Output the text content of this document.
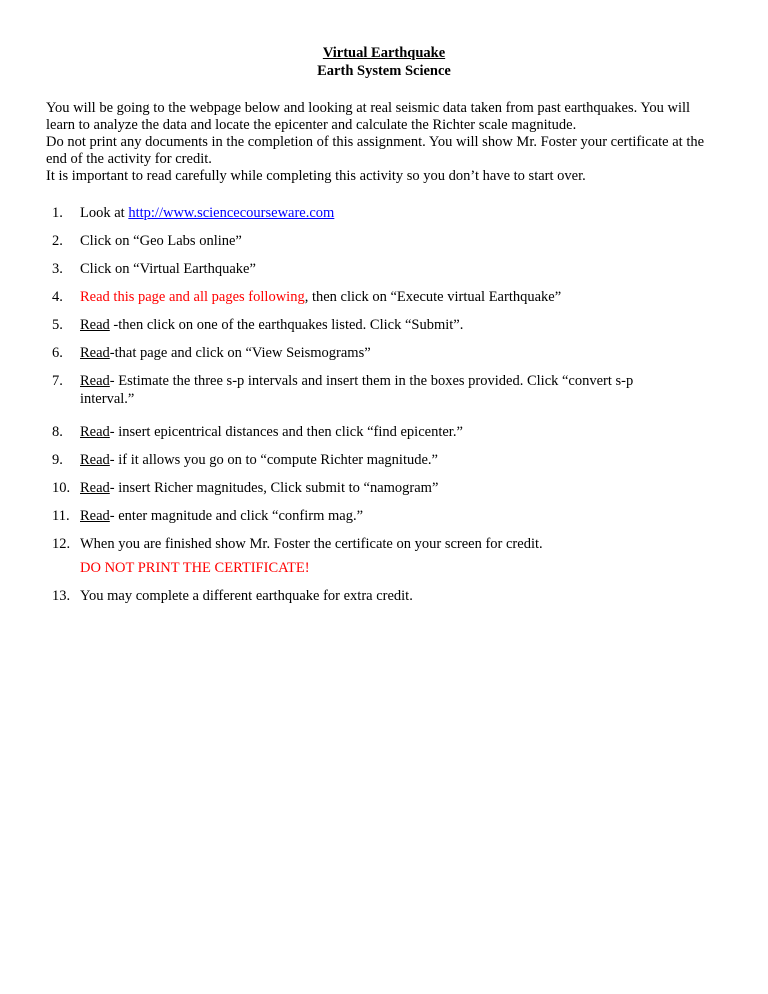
Virtual Earthquake
Earth System Science

You will be going to the webpage below and looking at real seismic data taken from past earthquakes. You will learn to analyze the data and locate the epicenter and calculate the Richter scale magnitude.

Do not print any documents in the completion of this assignment. You will show Mr. Foster your certificate at the end of the activity for credit.

It is important to read carefully while completing this activity so you don’t have to start over.

1.	Look at http://www.sciencecourseware.com
2.	Click on “Geo Labs online”
3.	Click on “Virtual Earthquake”
4.	Read this page and all pages following, then click on “Execute virtual Earthquake”
5.	Read -then click on one of the earthquakes listed. Click “Submit”.
6.	Read-that page and click on “View Seismograms”
7.	Read- Estimate the three s-p intervals and insert them in the boxes provided. Click “convert s-p
interval.”
8.	Read- insert epicentrical distances and then click “find epicenter.”
9.	Read- if it allows you go on to “compute Richter magnitude.”
10. Read- insert Richer magnitudes, Click submit to “namogram”
11. Read- enter magnitude and click “confirm mag.”
12. When you are finished show Mr. Foster the certificate on your screen for credit.
DO NOT PRINT THE CERTIFICATE!
13. You may complete a different earthquake for extra credit.
